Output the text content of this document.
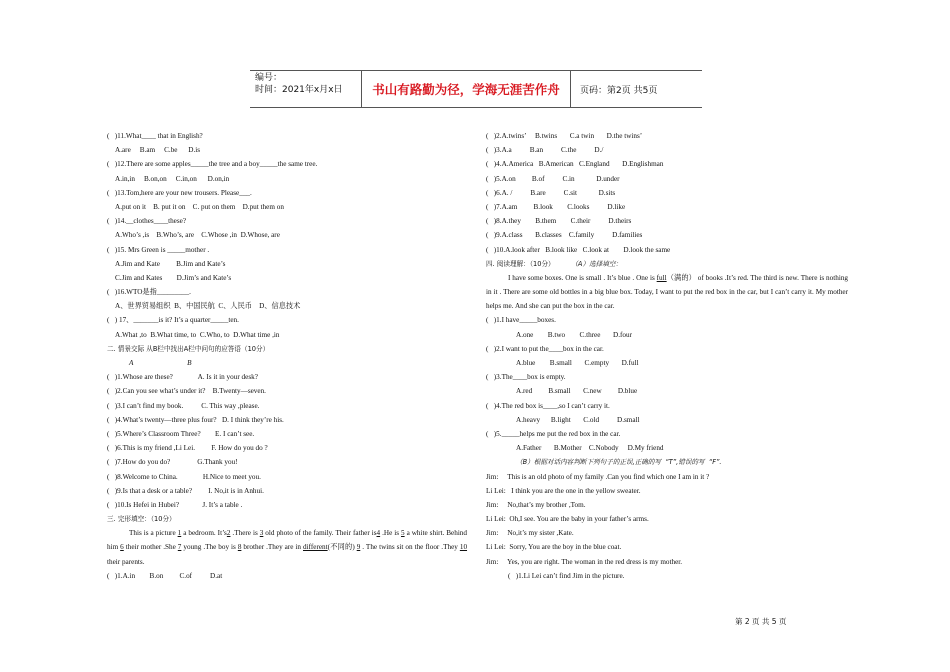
编号：
时间：2021年x月x日	书山有路勤为径，学海无涯苦作舟	页码：第2页 共5页
(   )11.What____ that in English?
A.are     B.am     C.be      D.is
(   )12.There are some apples_____the tree and a boy_____the same tree.
A.in,in     B.on,on     C.in,on      D.on,in
(   )13.Tom,here are your new trousers. Please___.
A.put on it    B. put it on    C. put on them    D.put them on
(   )14.__clothes____these?
A.Who’s ,is    B.Who’s, are    C.Whose ,in  D.Whose, are
(   )15. Mrs Green is _____mother .
A.Jim and Kate         B.Jim and Kate’s
C.Jim and Kates        D.Jim’s and Kate’s
(   )16.WTO是指_________.
A、世界贸易组织  B、中国民航  C、人民币    D、信息技术
(   ) 17、_______is it? It’s a quarter_____ten.
A.What ,to  B.What time, to  C.Who, to  D.What time ,in
二. 情景交际 从B栏中找出A栏中问句的应答语（10分）
A                              B
(   )1.Whose are these?              A. Is it in your desk?
(   )2.Can you see what’s under it?    B.Twenty—seven.
(   )3.I can’t find my book.          C. This way ,please.
(   )4.What’s twenty—three plus four?   D. I think they’re his.
(   )5.Where’s Classroom Three?        E. I can’t see.
(   )6.This is my friend ,Li Lei.         F. How do you do ?
(   )7.How do you do?               G.Thank you!
(   )8.Welcome to China.              H.Nice to meet you.
(   )9.Is that a desk or a table?         I. No,it is in Anhui.
(   )10.Is Hefei in Hubei?             J. It’s a table .
三. 完形填空：（10分）
This is a picture 1 a bedroom. It’s2 .There is 3 old photo of the family. Their father is4 .He is 5 a white shirt. Behind him 6 their mother .She 7 young .The boy is 8 brother .They are in different(不同的) 9 . The twins sit on the floor .They 10 their parents.
(   )1.A.in        B.on         C.of          D.at
(   )2.A.twins’     B.twins       C.a twin       D.the twins’
(   )3.A.a          B.an          C.the          D./
(   )4.A.America   B.American   C.England       D.Englishman
(   )5.A.on         B.of          C.in            D.under
(   )6.A. /          B.are          C.sit            D.sits
(   )7.A.am         B.look        C.looks          D.like
(   )8.A.they        B.them        C.their          D.theirs
(   )9.A.class       B.classes    C.family          D.families
(   )10.A.look after   B.look like   C.look at        D.look the same
四. 阅读理解：（10分）	（A）选择填空：
I have some boxes. One is small . It’s blue . One is full（满的） of books .It’s red. The third is new. There is nothing in it . There are some old bottles in a big blue box. Today, I want to put the red box in the car, but I can’t carry it. My mother helps me. And she can put the box in the car.
(   )1.I have_____boxes.
A.one        B.two        C.three       D.four
(   )2.I want to put the____box in the car.
A.blue        B.small       C.empty       D.full
(   )3.The____box is empty.
A.red         B.small       C.new         D.blue
(   )4.The red box is____,so I can’t carry it.
A.heavy      B.light       C.old          D.small
(   )5._____helps me put the red box in the car.
A.Father       B.Mother    C.Nobody     D.My friend
（B）根据对话内容判断下列句子的正误,正确的写  “T”,错误的写  “F”.
Jim:     This is an old photo of my family .Can you find which one I am in it ?
Li Lei:   I think you are the one in the yellow sweater.
Jim:     No,that’s my brother ,Tom.
Li Lei:  Oh,I see. You are the baby in your father’s arms.
Jim:     No,it’s my sister ,Kate.
Li Lei:  Sorry, You are the boy in the blue coat.
Jim:     Yes, you are right. The woman in the red dress is my mother.
(   )1.Li Lei can’t find Jim in the picture.
第 2 页 共 5 页
